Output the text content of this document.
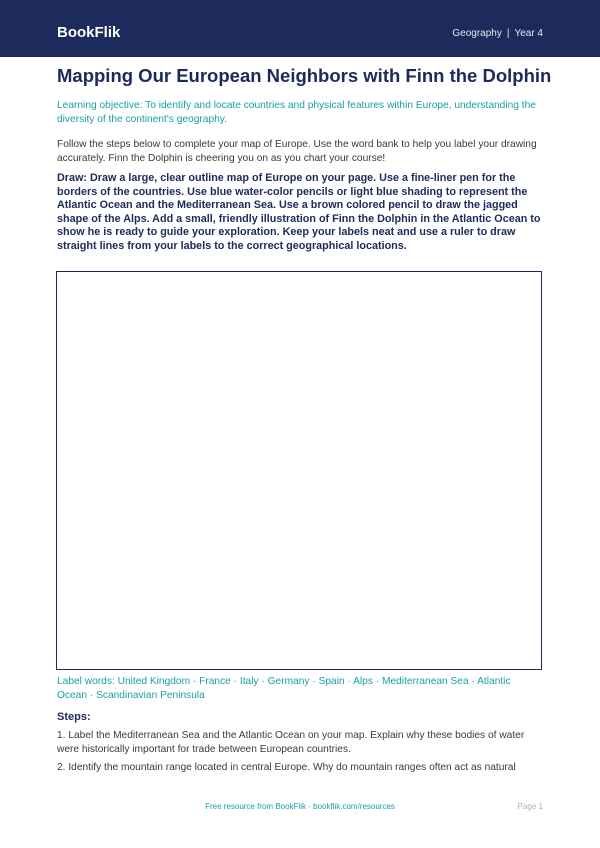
BookFlik	Geography | Year 4
Mapping Our European Neighbors with Finn the Dolphin

Learning objective: To identify and locate countries and physical features within Europe, understanding the diversity of the continent's geography.

Follow the steps below to complete your map of Europe. Use the word bank to help you label your drawing accurately. Finn the Dolphin is cheering you on as you chart your course!

Draw: Draw a large, clear outline map of Europe on your page. Use a fine-liner pen for the borders of the countries. Use blue water-color pencils or light blue shading to represent the Atlantic Ocean and the Mediterranean Sea. Use a brown colored pencil to draw the jagged shape of the Alps. Add a small, friendly illustration of Finn the Dolphin in the Atlantic Ocean to show he is ready to guide your exploration. Keep your labels neat and use a ruler to draw straight lines from your labels to the correct geographical locations.

Label words: United Kingdom · France · Italy · Germany · Spain · Alps · Mediterranean Sea · Atlantic Ocean · Scandinavian Peninsula

Steps:

1. Label the Mediterranean Sea and the Atlantic Ocean on your map. Explain why these bodies of water were historically important for trade between European countries.

2. Identify the mountain range located in central Europe. Why do mountain ranges often act as natural

Free resource from BookFlik · bookflik.com/resources	Page 1
